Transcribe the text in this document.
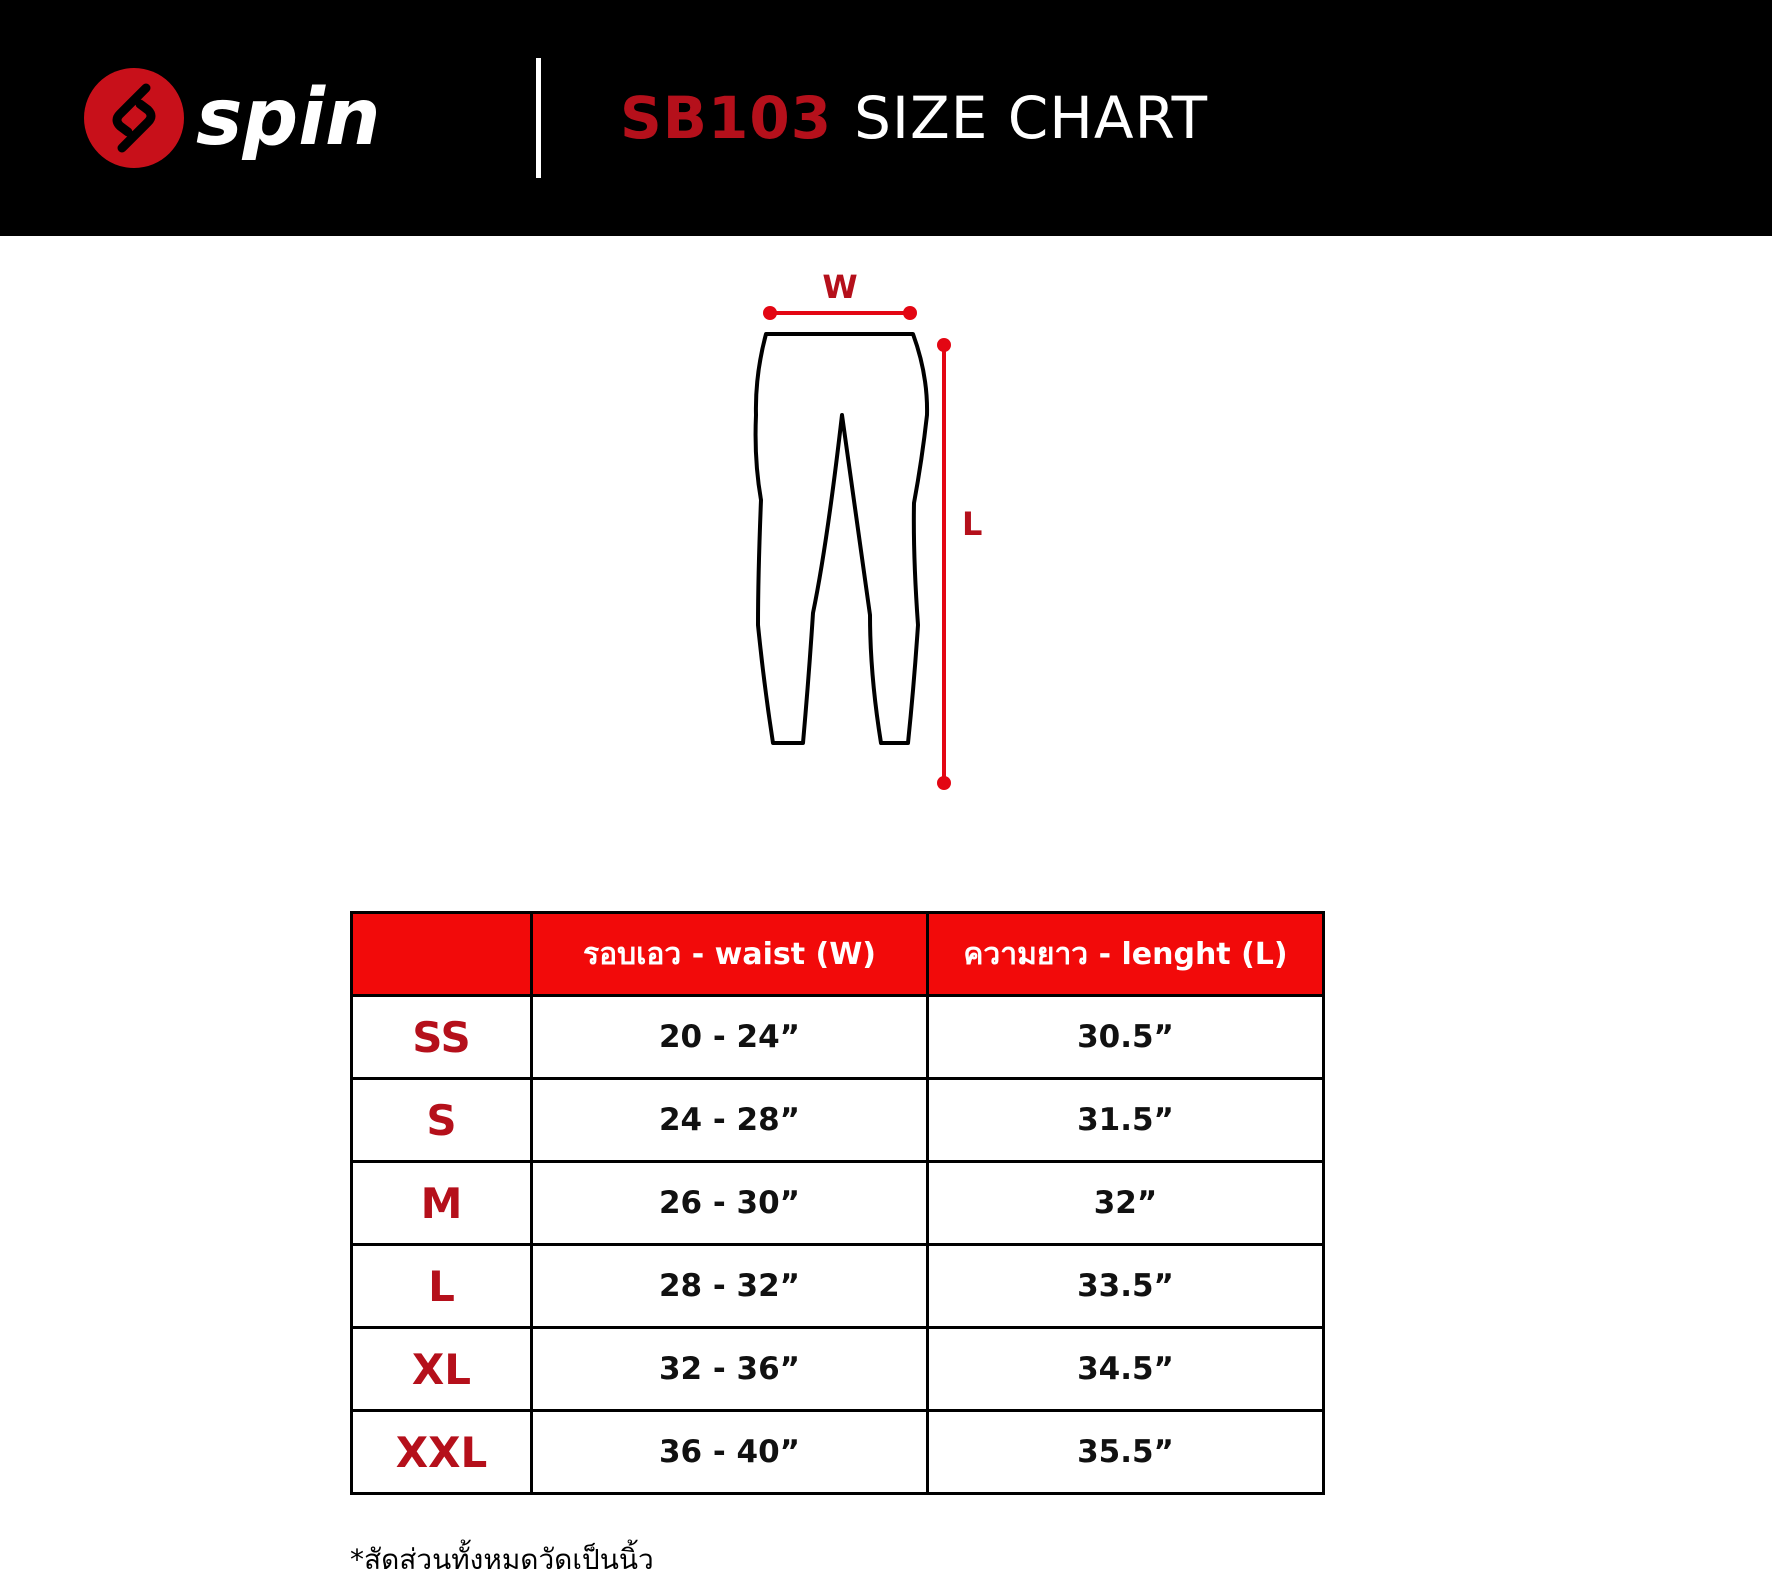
spin	SB103 SIZE CHART
W
L
	รอบเอว - waist (W)	ความยาว - lenght (L)
SS	20 - 24”	30.5”
S	24 - 28”	31.5”
M	26 - 30”	32”
L	28 - 32”	33.5”
XL	32 - 36”	34.5”
XXL	36 - 40”	35.5”
*สัดส่วนทั้งหมดวัดเป็นนิ้ว
